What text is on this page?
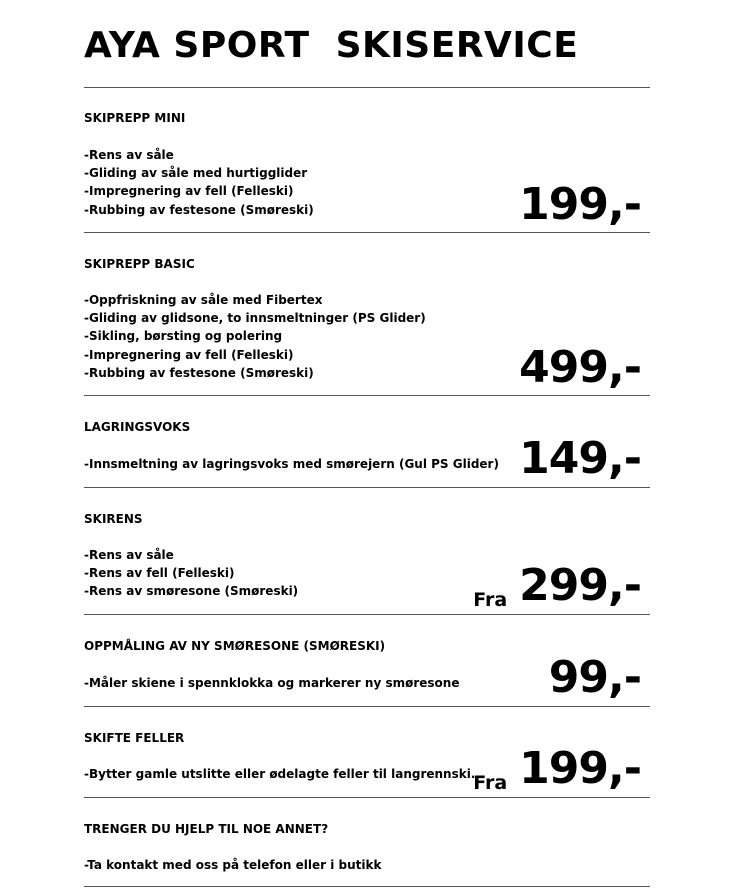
AYA SPORT  SKISERVICE
SKIPREPP MINI
-Rens av såle
-Gliding av såle med hurtigglider
-Impregnering av fell (Felleski)
-Rubbing av festesone (Smøreski)	199,-
SKIPREPP BASIC
-Oppfriskning av såle med Fibertex
-Gliding av glidsone, to innsmeltninger (PS Glider)
-Sikling, børsting og polering
-Impregnering av fell (Felleski)
-Rubbing av festesone (Smøreski)	499,-
LAGRINGSVOKS
-Innsmeltning av lagringsvoks med smørejern (Gul PS Glider) 149,-
SKIRENS
-Rens av såle
-Rens av fell (Felleski)
-Rens av smøresone (Smøreski)	Fra 299,-
OPPMÅLING AV NY SMØRESONE (SMØRESKI)
-Måler skiene i spennklokka og markerer ny smøresone 99,-
SKIFTE FELLER
-Bytter gamle utslitte eller ødelagte feller til langrennski.
Fra 199,-
TRENGER DU HJELP TIL NOE ANNET?
-Ta kontakt med oss på telefon eller i butikk
